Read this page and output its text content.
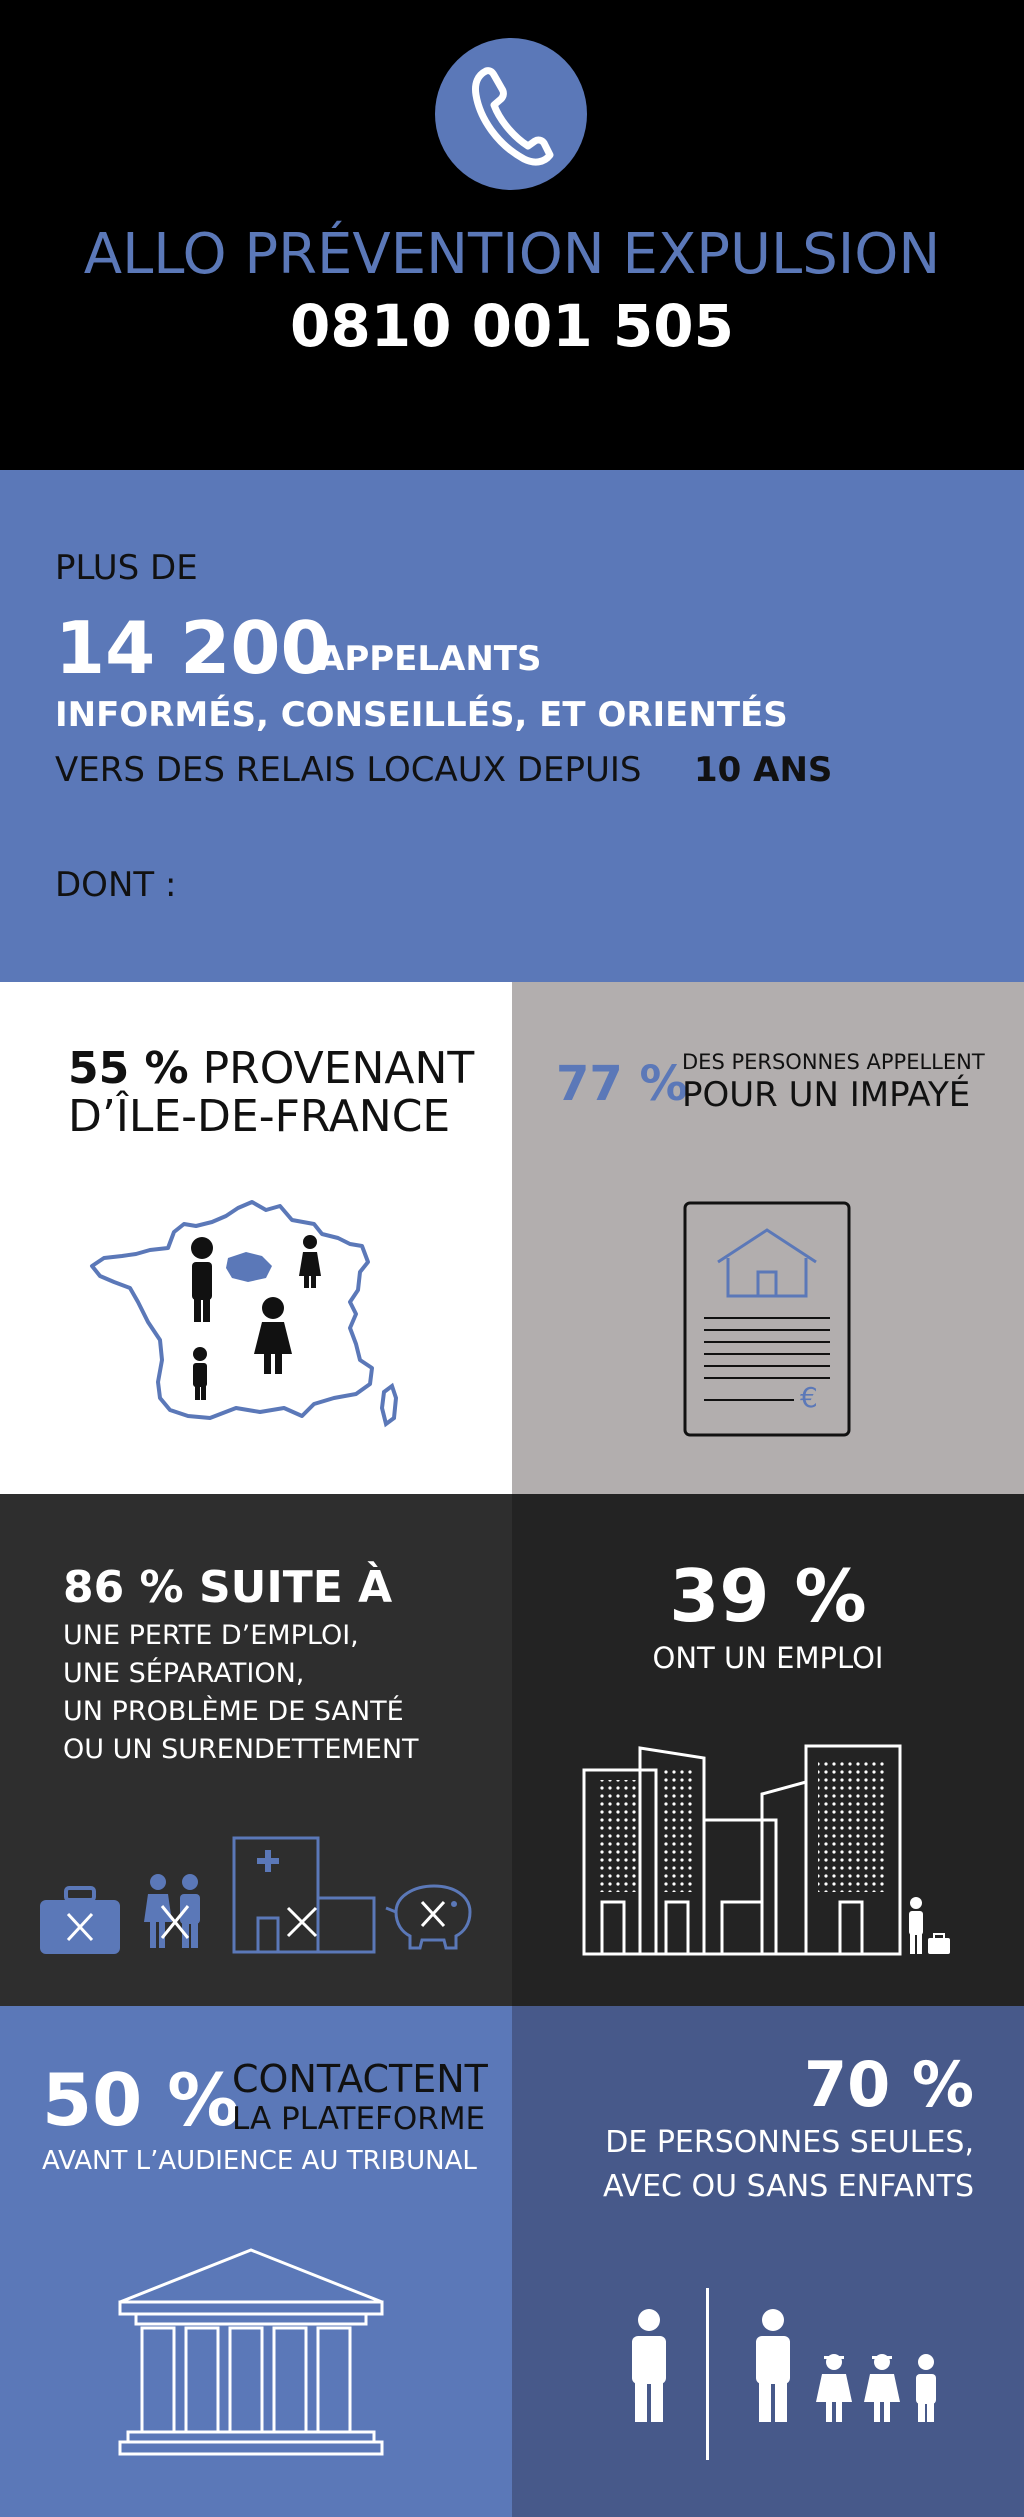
ALLO PRÉVENTION EXPULSION
0810 001 505
PLUS DE
14 200
APPELANTS
INFORMÉS, CONSEILLÉS, ET ORIENTÉS
VERS DES RELAIS LOCAUX DEPUIS 10 ANS
DONT :
55 % PROVENANT
D’ÎLE-DE-FRANCE
77 %
DES PERSONNES APPELLENT
POUR UN IMPAYÉ
€
86 % SUITE À
UNE PERTE D’EMPLOI,
UNE SÉPARATION,
UN PROBLÈME DE SANTÉ
OU UN SURENDETTEMENT
39 %
ONT UN EMPLOI
50 %
CONTACTENT
LA PLATEFORME
AVANT L’AUDIENCE AU TRIBUNAL
70 %
DE PERSONNES SEULES,
AVEC OU SANS ENFANTS
